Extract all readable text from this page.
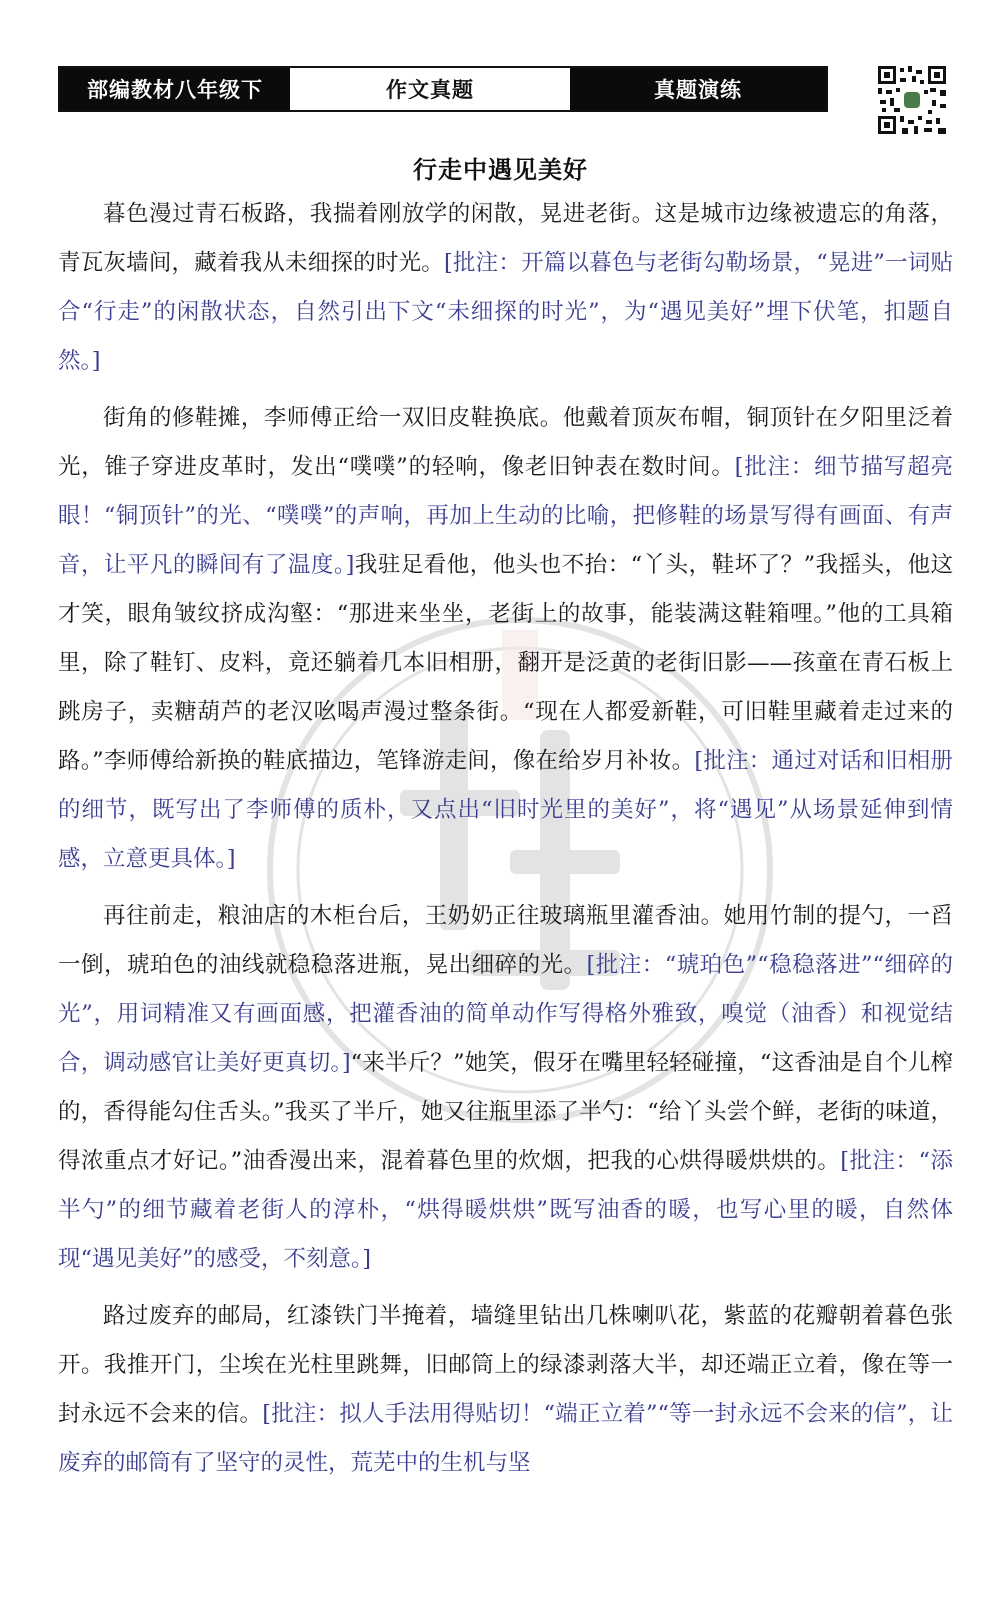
部编教材八年级下	作文真题	真题演练
行走中遇见美好

暮色漫过青石板路，我揣着刚放学的闲散，晃进老街。这是城市边缘被遗忘的角落，青瓦灰墙间，藏着我从未细探的时光。[批注：开篇以暮色与老街勾勒场景，“晃进”一词贴合“行走”的闲散状态，自然引出下文“未细探的时光”，为“遇见美好”埋下伏笔，扣题自然。]

街角的修鞋摊，李师傅正给一双旧皮鞋换底。他戴着顶灰布帽，铜顶针在夕阳里泛着光，锥子穿进皮革时，发出“噗噗”的轻响，像老旧钟表在数时间。[批注：细节描写超亮眼！“铜顶针”的光、“噗噗”的声响，再加上生动的比喻，把修鞋的场景写得有画面、有声音，让平凡的瞬间有了温度。]我驻足看他，他头也不抬：“丫头，鞋坏了？”我摇头，他这才笑，眼角皱纹挤成沟壑：“那进来坐坐，老街上的故事，能装满这鞋箱哩。”他的工具箱里，除了鞋钉、皮料，竟还躺着几本旧相册，翻开是泛黄的老街旧影——孩童在青石板上跳房子，卖糖葫芦的老汉吆喝声漫过整条街。“现在人都爱新鞋，可旧鞋里藏着走过来的路。”李师傅给新换的鞋底描边，笔锋游走间，像在给岁月补妆。[批注：通过对话和旧相册的细节，既写出了李师傅的质朴，又点出“旧时光里的美好”，将“遇见”从场景延伸到情感，立意更具体。]

再往前走，粮油店的木柜台后，王奶奶正往玻璃瓶里灌香油。她用竹制的提勺，一舀一倒，琥珀色的油线就稳稳落进瓶，晃出细碎的光。[批注：“琥珀色”“稳稳落进”“细碎的光”，用词精准又有画面感，把灌香油的简单动作写得格外雅致，嗅觉（油香）和视觉结合，调动感官让美好更真切。]“来半斤？”她笑，假牙在嘴里轻轻碰撞，“这香油是自个儿榨的，香得能勾住舌头。”我买了半斤，她又往瓶里添了半勺：“给丫头尝个鲜，老街的味道，得浓重点才好记。”油香漫出来，混着暮色里的炊烟，把我的心烘得暖烘烘的。[批注：“添半勺”的细节藏着老街人的淳朴，“烘得暖烘烘”既写油香的暖，也写心里的暖，自然体现“遇见美好”的感受，不刻意。]

路过废弃的邮局，红漆铁门半掩着，墙缝里钻出几株喇叭花，紫蓝的花瓣朝着暮色张开。我推开门，尘埃在光柱里跳舞，旧邮筒上的绿漆剥落大半，却还端正立着，像在等一封永远不会来的信。[批注：拟人手法用得贴切！“端正立着”“等一封永远不会来的信”，让废弃的邮筒有了坚守的灵性，荒芜中的生机与坚
